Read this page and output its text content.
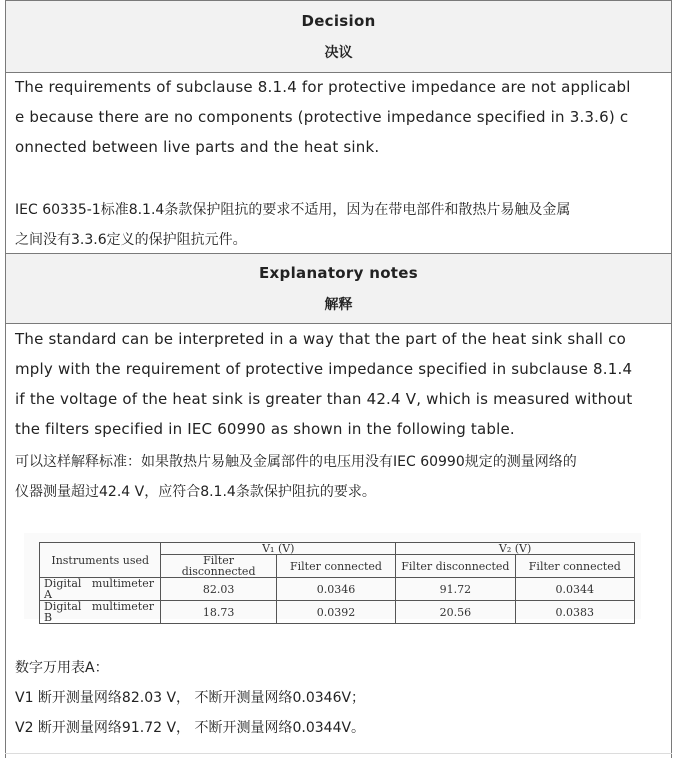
Decision
决议
The requirements of subclause 8.1.4 for protective impedance are not applicabl
e because there are no components (protective impedance specified in 3.3.6) c
onnected between live parts and the heat sink.
IEC 60335-1标准8.1.4条款保护阻抗的要求不适用，因为在带电部件和散热片易触及金属
之间没有3.3.6定义的保护阻抗元件。
Explanatory notes
解释
The standard can be interpreted in a way that the part of the heat sink shall co
mply with the requirement of protective impedance specified in subclause 8.1.4
if the voltage of the heat sink is greater than 42.4 V, which is measured without
the filters specified in IEC 60990 as shown in the following table.
可以这样解释标准：如果散热片易触及金属部件的电压用没有IEC 60990规定的测量网络的
仪器测量超过42.4 V，应符合8.1.4条款保护阻抗的要求。
Instruments used	V₁ (V)		V₂ (V)	
	Filter disconnected	Filter connected	Filter disconnected	Filter connected

Digital   multimeter
A	82.03	0.0346	91.72	0.0344

Digital   multimeter
B	18.73	0.0392	20.56	0.0383
数字万用表A：
V1 断开测量网络82.03 V， 不断开测量网络0.0346V；
V2 断开测量网络91.72 V， 不断开测量网络0.0344V。
